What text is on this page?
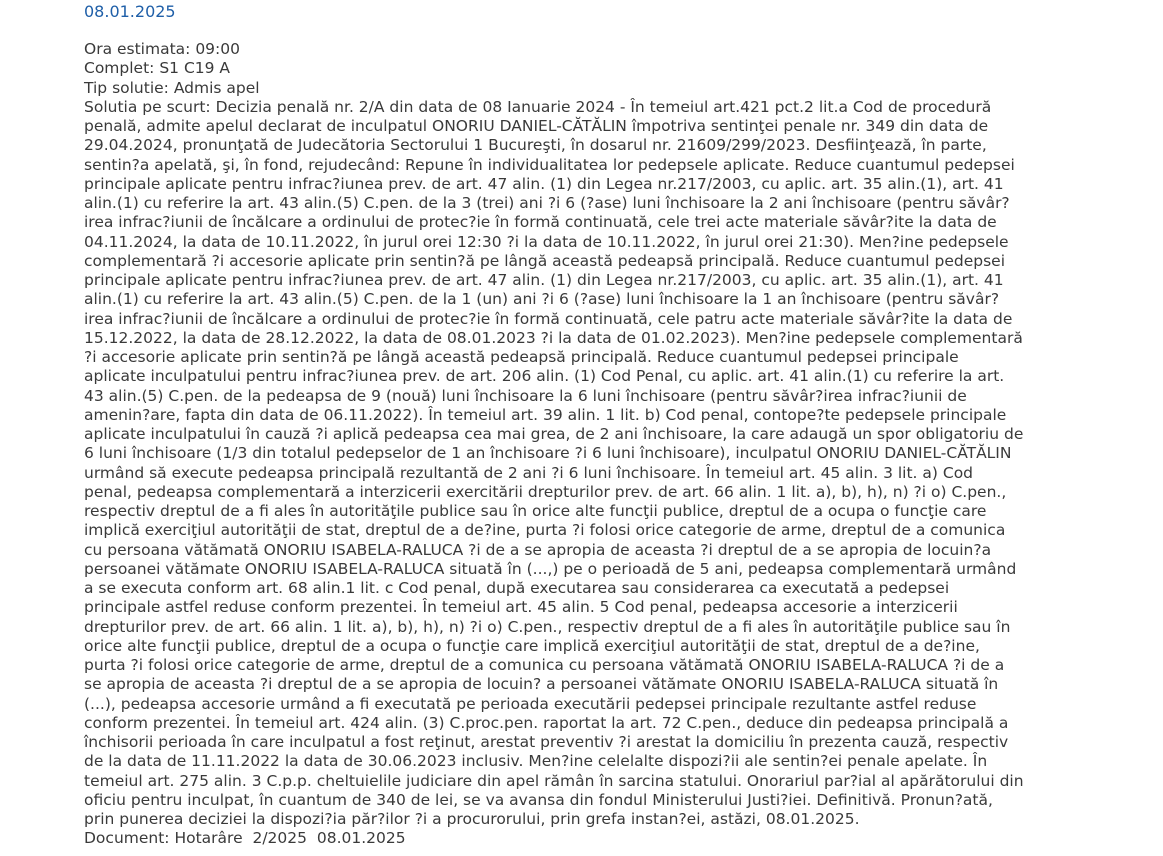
08.01.2025
Ora estimata: 09:00
Complet: S1 C19 A
Tip solutie: Admis apel
Solutia pe scurt: Decizia penală nr. 2/A din data de 08 Ianuarie 2024 - În temeiul art.421 pct.2 lit.a Cod de procedură penală, admite apelul declarat de inculpatul ONORIU DANIEL-CĂTĂLIN împotriva sentinţei penale nr. 349 din data de 29.04.2024, pronunţată de Judecătoria Sectorului 1 Bucureşti, în dosarul nr. 21609/299/2023. Desfiinţează, în parte, sentin?a apelată, şi, în fond, rejudecând: Repune în individualitatea lor pedepsele aplicate. Reduce cuantumul pedepsei principale aplicate pentru infrac?iunea prev. de art. 47 alin. (1) din Legea nr.217/2003, cu aplic. art. 35 alin.(1), art. 41 alin.(1) cu referire la art. 43 alin.(5) C.pen. de la 3 (trei) ani ?i 6 (?ase) luni închisoare la 2 ani închisoare (pentru săvâr?irea infrac?iunii de încălcare a ordinului de protec?ie în formă continuată, cele trei acte materiale săvâr?ite la data de 04.11.2024, la data de 10.11.2022, în jurul orei 12:30 ?i la data de 10.11.2022, în jurul orei 21:30). Men?ine pedepsele complementară ?i accesorie aplicate prin sentin?ă pe lângă această pedeapsă principală. Reduce cuantumul pedepsei principale aplicate pentru infrac?iunea prev. de art. 47 alin. (1) din Legea nr.217/2003, cu aplic. art. 35 alin.(1), art. 41 alin.(1) cu referire la art. 43 alin.(5) C.pen. de la 1 (un) ani ?i 6 (?ase) luni închisoare la 1 an închisoare (pentru săvâr?irea infrac?iunii de încălcare a ordinului de protec?ie în formă continuată, cele patru acte materiale săvâr?ite la data de 15.12.2022, la data de 28.12.2022, la data de 08.01.2023 ?i la data de 01.02.2023). Men?ine pedepsele complementară ?i accesorie aplicate prin sentin?ă pe lângă această pedeapsă principală. Reduce cuantumul pedepsei principale aplicate inculpatului pentru infrac?iunea prev. de art. 206 alin. (1) Cod Penal, cu aplic. art. 41 alin.(1) cu referire la art. 43 alin.(5) C.pen. de la pedeapsa de 9 (nouă) luni închisoare la 6 luni închisoare (pentru săvâr?irea infrac?iunii de amenin?are, fapta din data de 06.11.2022). În temeiul art. 39 alin. 1 lit. b) Cod penal, contope?te pedepsele principale aplicate inculpatului în cauză ?i aplică pedeapsa cea mai grea, de 2 ani închisoare, la care adaugă un spor obligatoriu de 6 luni închisoare (1/3 din totalul pedepselor de 1 an închisoare ?i 6 luni închisoare), inculpatul ONORIU DANIEL-CĂTĂLIN urmând să execute pedeapsa principală rezultantă de 2 ani ?i 6 luni închisoare. În temeiul art. 45 alin. 3 lit. a) Cod penal, pedeapsa complementară a interzicerii exercitării drepturilor prev. de art. 66 alin. 1 lit. a), b), h), n) ?i o) C.pen., respectiv dreptul de a fi ales în autorităţile publice sau în orice alte funcţii publice, dreptul de a ocupa o funcţie care implică exerciţiul autorităţii de stat, dreptul de a de?ine, purta ?i folosi orice categorie de arme, dreptul de a comunica cu persoana vătămată ONORIU ISABELA-RALUCA ?i de a se apropia de aceasta ?i dreptul de a se apropia de locuin?a persoanei vătămate ONORIU ISABELA-RALUCA situată în (...,) pe o perioadă de 5 ani, pedeapsa complementară urmând a se executa conform art. 68 alin.1 lit. c Cod penal, după executarea sau considerarea ca executată a pedepsei principale astfel reduse conform prezentei. În temeiul art. 45 alin. 5 Cod penal, pedeapsa accesorie a interzicerii drepturilor prev. de art. 66 alin. 1 lit. a), b), h), n) ?i o) C.pen., respectiv dreptul de a fi ales în autorităţile publice sau în orice alte funcţii publice, dreptul de a ocupa o funcţie care implică exerciţiul autorităţii de stat, dreptul de a de?ine, purta ?i folosi orice categorie de arme, dreptul de a comunica cu persoana vătămată ONORIU ISABELA-RALUCA ?i de a se apropia de aceasta ?i dreptul de a se apropia de locuin? a persoanei vătămate ONORIU ISABELA-RALUCA situată în (...), pedeapsa accesorie urmând a fi executată pe perioada executării pedepsei principale rezultante astfel reduse conform prezentei. În temeiul art. 424 alin. (3) C.proc.pen. raportat la art. 72 C.pen., deduce din pedeapsa principală a închisorii perioada în care inculpatul a fost reţinut, arestat preventiv ?i arestat la domiciliu în prezenta cauză, respectiv de la data de 11.11.2022 la data de 30.06.2023 inclusiv. Men?ine celelalte dispozi?ii ale sentin?ei penale apelate. În temeiul art. 275 alin. 3 C.p.p. cheltuielile judiciare din apel rămân în sarcina statului. Onorariul par?ial al apărătorului din oficiu pentru inculpat, în cuantum de 340 de lei, se va avansa din fondul Ministerului Justi?iei. Definitivă. Pronun?ată, prin punerea deciziei la dispozi?ia păr?ilor ?i a procurorului, prin grefa instan?ei, astăzi, 08.01.2025.
Document: Hotarâre  2/2025  08.01.2025
